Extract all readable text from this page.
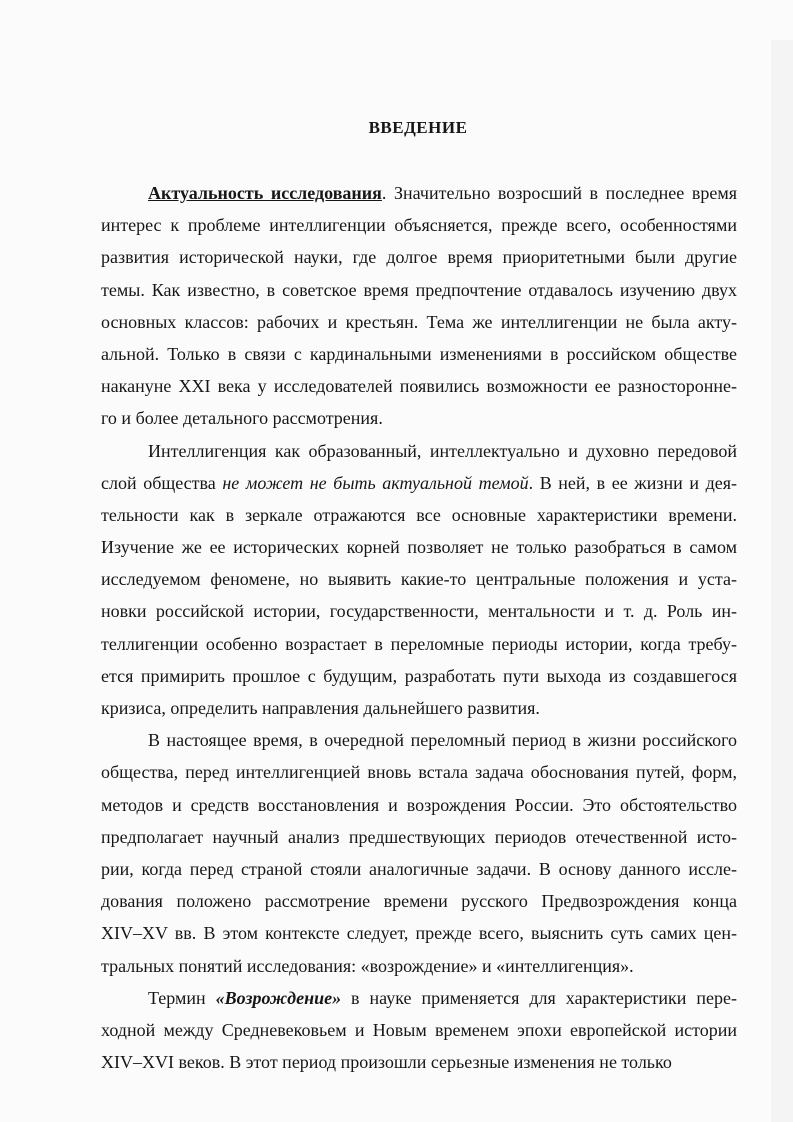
ВВЕДЕНИЕ
Актуальность исследования. Значительно возросший в последнее время
интерес к проблеме интеллигенции объясняется, прежде всего, особенностями
развития исторической науки, где долгое время приоритетными были другие
темы. Как известно, в советское время предпочтение отдавалось изучению двух
основных классов: рабочих и крестьян. Тема же интеллигенции не была акту-
альной. Только в связи с кардинальными изменениями в российском обществе
накануне XXI века у исследователей появились возможности ее разносторонне-
го и более детального рассмотрения.
Интеллигенция как образованный, интеллектуально и духовно передовой
слой общества не может не быть актуальной темой. В ней, в ее жизни и дея-
тельности как в зеркале отражаются все основные характеристики времени.
Изучение же ее исторических корней позволяет не только разобраться в самом
исследуемом феномене, но выявить какие-то центральные положения и уста-
новки российской истории, государственности, ментальности и т. д. Роль ин-
теллигенции особенно возрастает в переломные периоды истории, когда требу-
ется примирить прошлое с будущим, разработать пути выхода из создавшегося
кризиса, определить направления дальнейшего развития.
В настоящее время, в очередной переломный период в жизни российского
общества, перед интеллигенцией вновь встала задача обоснования путей, форм,
методов и средств восстановления и возрождения России. Это обстоятельство
предполагает научный анализ предшествующих периодов отечественной исто-
рии, когда перед страной стояли аналогичные задачи. В основу данного иссле-
дования положено рассмотрение времени русского Предвозрождения конца
XIV–XV вв. В этом контексте следует, прежде всего, выяснить суть самих цен-
тральных понятий исследования: «возрождение» и «интеллигенция».
Термин «Возрождение» в науке применяется для характеристики пере-
ходной между Средневековьем и Новым временем эпохи европейской истории
XIV–XVI веков. В этот период произошли серьезные изменения не только
